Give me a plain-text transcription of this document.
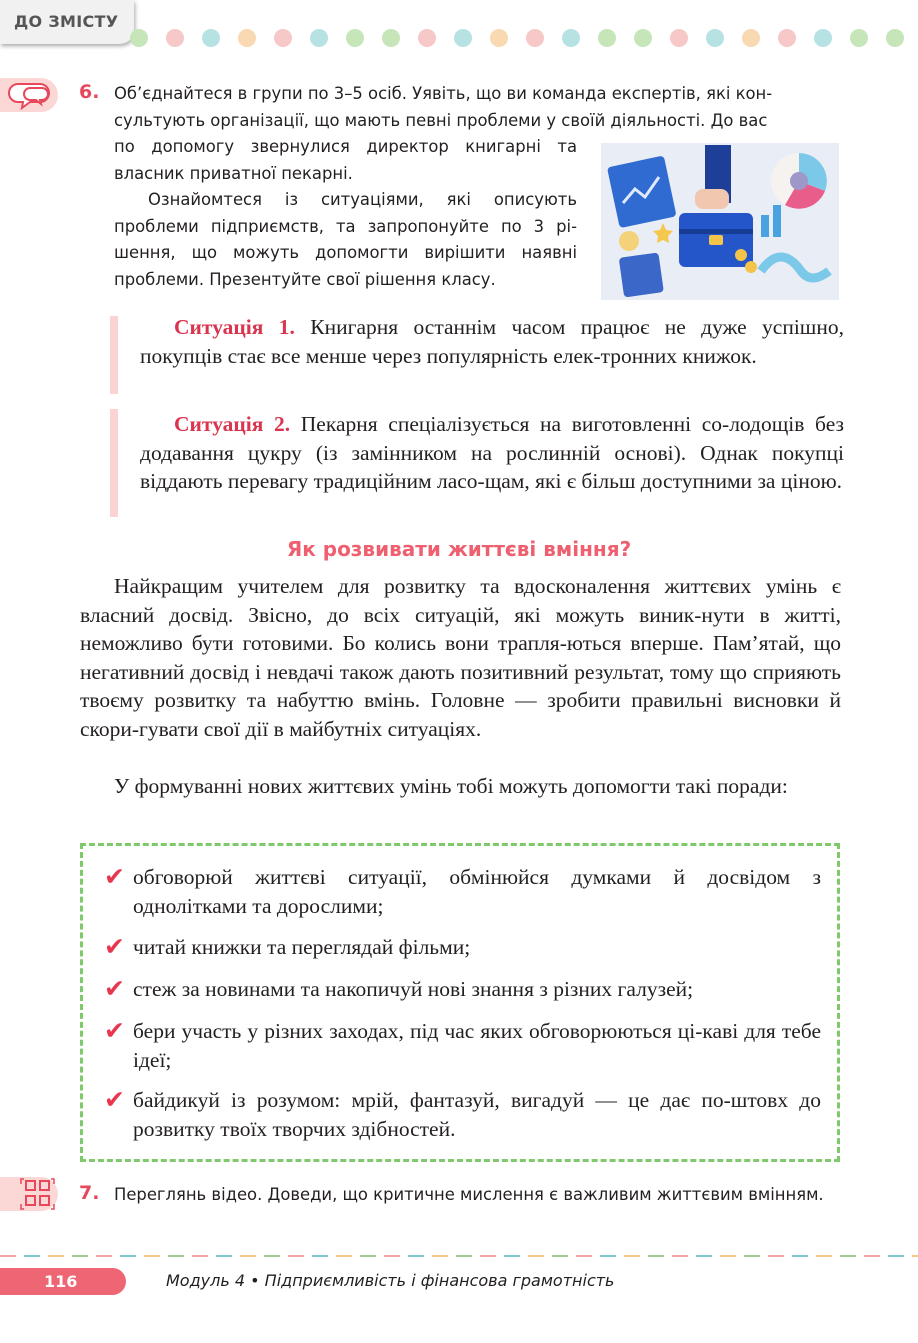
ДО ЗМІСТУ
6. Об’єднайтеся в групи по 3–5 осіб. Уявіть, що ви команда експертів, які кон-

сультують організації, що мають певні проблеми у своїй діяльності. До вас

по допомогу звернулися директор книгарні та власник приватної пекарні.

Ознайомтеся із ситуаціями, які описують проблеми підприємств, та запропонуйте по 3 рі-шення, що можуть допомогти вирішити наявні проблеми. Презентуйте свої рішення класу.

Ситуація 1. Книгарня останнім часом працює не дуже успішно, покупців стає все менше через популярність елек-тронних книжок.

Ситуація 2. Пекарня спеціалізується на виготовленні со-лодощів без додавання цукру (із замінником на рослинній основі). Однак покупці віддають перевагу традиційним ласо-щам, які є більш доступними за ціною.

Як розвивати життєві вміння?

Найкращим учителем для розвитку та вдосконалення життєвих умінь є власний досвід. Звісно, до всіх ситуацій, які можуть виник-нути в житті, неможливо бути готовими. Бо колись вони трапля-ються вперше. Пам’ятай, що негативний досвід і невдачі також дають позитивний результат, тому що сприяють твоєму розвитку та набуттю вмінь. Головне — зробити правильні висновки й скори-гувати свої дії в майбутніх ситуаціях.

У формуванні нових життєвих умінь тобі можуть допомогти такі поради:

✔ обговорюй життєві ситуації, обмінюйся думками й досвідом з однолітками та дорослими;

✔ читай книжки та переглядай фільми;

✔ стеж за новинами та накопичуй нові знання з різних галузей;

✔ бери участь у різних заходах, під час яких обговорюються ці-каві для тебе ідеї;

✔ байдикуй із розумом: мрій, фантазуй, вигадуй — це дає по-штовх до розвитку твоїх творчих здібностей.

7. Переглянь відео. Доведи, що критичне мислення є важливим життєвим вмінням.

116	Модуль 4 • Підприємливість і фінансова грамотність
